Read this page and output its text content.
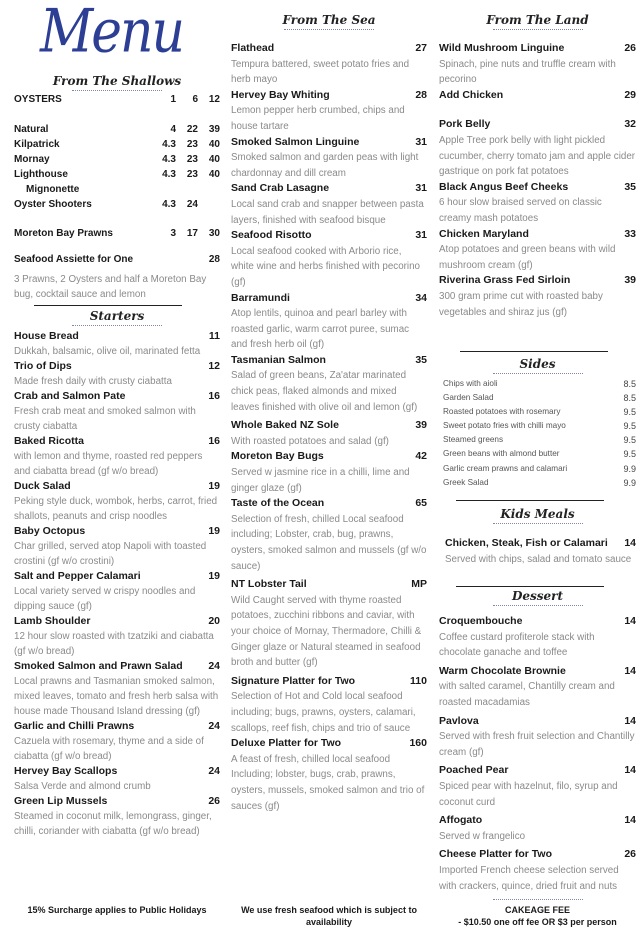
Menu
From The Shallows
OYSTERS	1	6	12
Natural	4	22	39
Kilpatrick	4.3	23	40
Mornay	4.3	23	40
Lighthouse	4.3	23	40
Mignonette			
Oyster Shooters	4.3	24	
Moreton Bay Prawns	3	17	30
Seafood Assiette for One	28
3 Prawns, 2 Oysters and half a Moreton Bay bug, cocktail sauce and lemon
Starters
House Bread	11
Dukkah, balsamic, olive oil, marinated fetta
Trio of Dips	12
Made fresh daily with crusty ciabatta
Crab and Salmon Pate	16
Fresh crab meat and smoked salmon with crusty ciabatta
Baked Ricotta	16
with lemon and thyme, roasted red peppers and ciabatta bread (gf w/o bread)
Duck Salad	19
Peking style duck, wombok, herbs, carrot, fried shallots, peanuts and crisp noodles
Baby Octopus	19
Char grilled, served atop Napoli with toasted crostini (gf w/o crostini)
Salt and Pepper Calamari	19
Local variety served w crispy noodles and dipping sauce (gf)
Lamb Shoulder	20
12 hour slow roasted with tzatziki and ciabatta (gf w/o bread)
Smoked Salmon and Prawn Salad	24
Local prawns and Tasmanian smoked salmon, mixed leaves, tomato and fresh herb salsa with house made Thousand Island dressing (gf)
Garlic and Chilli Prawns	24
Cazuela with rosemary, thyme and a side of ciabatta (gf w/o bread)
Hervey Bay Scallops	24
Salsa Verde and almond crumb
Green Lip Mussels	26
Steamed in coconut milk, lemongrass, ginger, chilli, coriander with ciabatta (gf w/o bread)
15% Surcharge applies to Public Holidays
From The Sea
Flathead	27
Tempura battered, sweet potato fries and herb mayo
Hervey Bay Whiting	28
Lemon pepper herb crumbed, chips and house tartare
Smoked Salmon Linguine	31
Smoked salmon and garden peas with light chardonnay and dill cream
Sand Crab Lasagne	31
Local sand crab and snapper between pasta layers, finished with seafood bisque
Seafood Risotto	31
Local seafood cooked with Arborio rice, white wine and herbs finished with pecorino (gf)
Barramundi	34
Atop lentils, quinoa and pearl barley with roasted garlic, warm carrot puree, sumac and fresh herb oil (gf)
Tasmanian Salmon	35
Salad of green beans, Za'atar marinated chick peas, flaked almonds and mixed leaves finished with olive oil and lemon (gf)
Whole Baked NZ Sole	39
With roasted potatoes and salad (gf)
Moreton Bay Bugs	42
Served w jasmine rice in a chilli, lime and ginger glaze (gf)
Taste of the Ocean	65
Selection of fresh, chilled Local seafood including; Lobster, crab, bug, prawns, oysters, smoked salmon and mussels (gf w/o sauce)
NT Lobster Tail	MP
Wild Caught served with thyme roasted potatoes, zucchini ribbons and caviar, with your choice of Mornay, Thermadore, Chilli & Ginger glaze or Natural steamed in seafood broth and butter (gf)
Signature Platter for Two	110
Selection of Hot and Cold local seafood including; bugs, prawns, oysters, calamari, scallops, reef fish, chips and trio of sauce
Deluxe Platter for Two	160
A feast of fresh, chilled local seafood Including; lobster, bugs, crab, prawns, oysters, mussels, smoked salmon and trio of sauces (gf)
We use fresh seafood which is subject to availability
From The Land
Wild Mushroom Linguine	26
Spinach, pine nuts and truffle cream with pecorino
Add Chicken	29
Pork Belly	32
Apple Tree pork belly with light pickled cucumber, cherry tomato jam and apple cider gastrique on pork fat potatoes
Black Angus Beef Cheeks	35
6 hour slow braised served on classic creamy mash potatoes
Chicken Maryland	33
Atop potatoes and green beans with wild mushroom cream (gf)
Riverina Grass Fed Sirloin	39
300 gram prime cut with roasted baby vegetables and shiraz jus (gf)
Sides
Chips with aioli	8.5
Garden Salad	8.5
Roasted potatoes with rosemary	9.5
Sweet potato fries with chilli mayo	9.5
Steamed greens	9.5
Green beans with almond butter	9.5
Garlic cream prawns and calamari	9.9
Greek Salad	9.9
Kids Meals
Chicken, Steak, Fish or Calamari	14
Served with chips, salad and tomato sauce
Dessert
Croquembouche	14
Coffee custard profiterole stack with chocolate ganache and toffee
Warm Chocolate Brownie	14
with salted caramel, Chantilly cream and roasted macadamias
Pavlova	14
Served with fresh fruit selection and Chantilly cream (gf)
Poached Pear	14
Spiced pear with hazelnut, filo, syrup and coconut curd
Affogato	14
Served w frangelico
Cheese Platter for Two	26
Imported French cheese selection served with crackers, quince, dried fruit and nuts
CAKEAGE FEE
- $10.50 one off fee OR $3 per person
